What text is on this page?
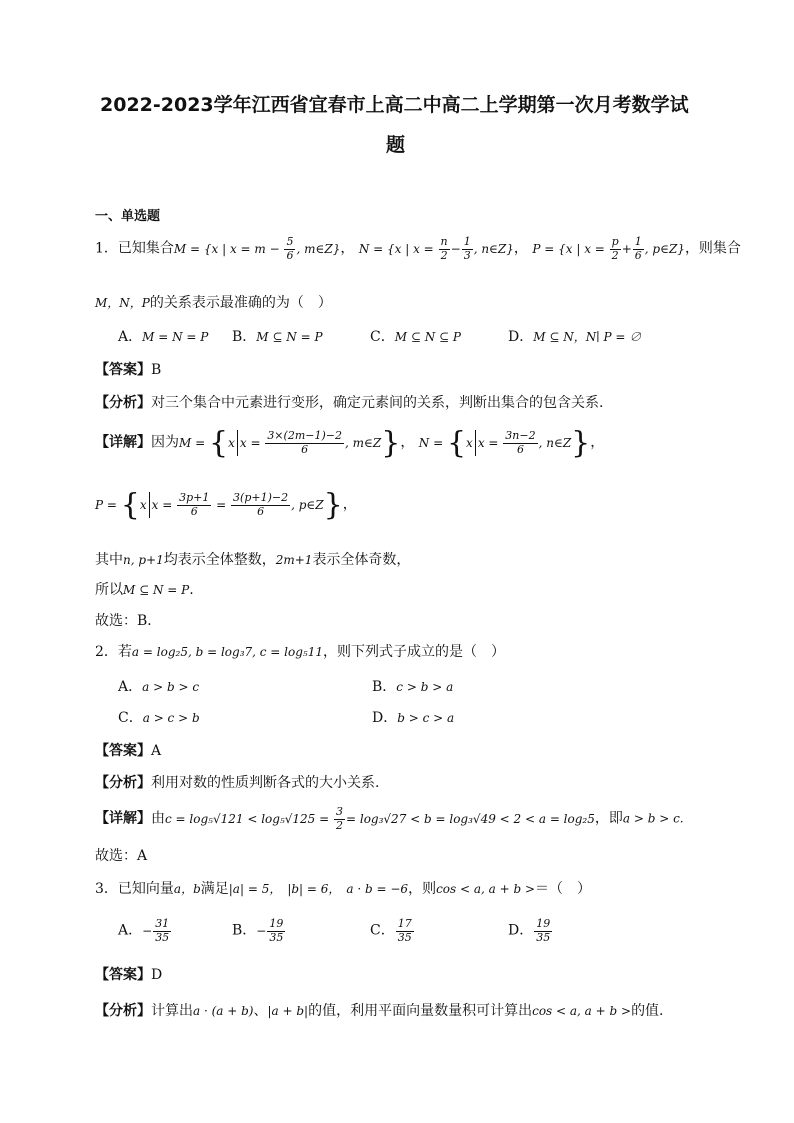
2022-2023学年江西省宜春市上高二中高二上学期第一次月考数学试
题
一、单选题
1．已知集合M = {x | $x = m - \frac{5}{6}$ , m∈Z}， N = {x | $x = \frac{n}{2} - \frac{1}{3}$ , n∈Z}， P = {x | $x = \frac{p}{2} + \frac{1}{6}$ , p∈Z}，则集合
M，N，P的关系表示最准确的为（　）
A．M = N = P B．M ⊆ N = P	C．M ⊆ N ⊆ P	D．M ⊆ N，N∣ P = ∅
【答案】B
【分析】对三个集合中元素进行变形，确定元素间的关系，判断出集合的包含关系.
【详解】因为M = {x $x = \frac{3\times(2m-1)-2}{6}$ , m∈Z}， N = {x $x = \frac{3n-2}{6}$ , n∈Z}，
P = {x $x = \frac{3p+1}{6} = \frac{3(p+1)-2}{6}$ , p∈Z}，
其中n, p+1均表示全体整数，2m+1表示全体奇数，
所以M ⊆ N = P.
故选：B．
2．若a = log₂5, b = log₃7, c = log₅11，则下列式子成立的是（　）
A．a > b > c	B．c > b > a
C．a > c > b	D．b > c > a
【答案】A
【分析】利用对数的性质判断各式的大小关系.
【详解】由$c = \log_5√121 < \log_5√125 = \frac{3}{2} = \log_3√27 < b = \log_3√49 < 2 < a = \log_25$，即a > b > c.
故选：A
3．已知向量a，b满足|a| = 5，　|b| = 6，　a · b = −6，则cos < a, a + b >＝（　）
A．− $\frac{31}{35}$	B．− $\frac{19}{35}$	C． $\frac{17}{35}$	D． $\frac{19}{35}$
【答案】D
【分析】计算出a · (a + b)、|a + b|的值，利用平面向量数量积可计算出cos < a, a + b >的值.
